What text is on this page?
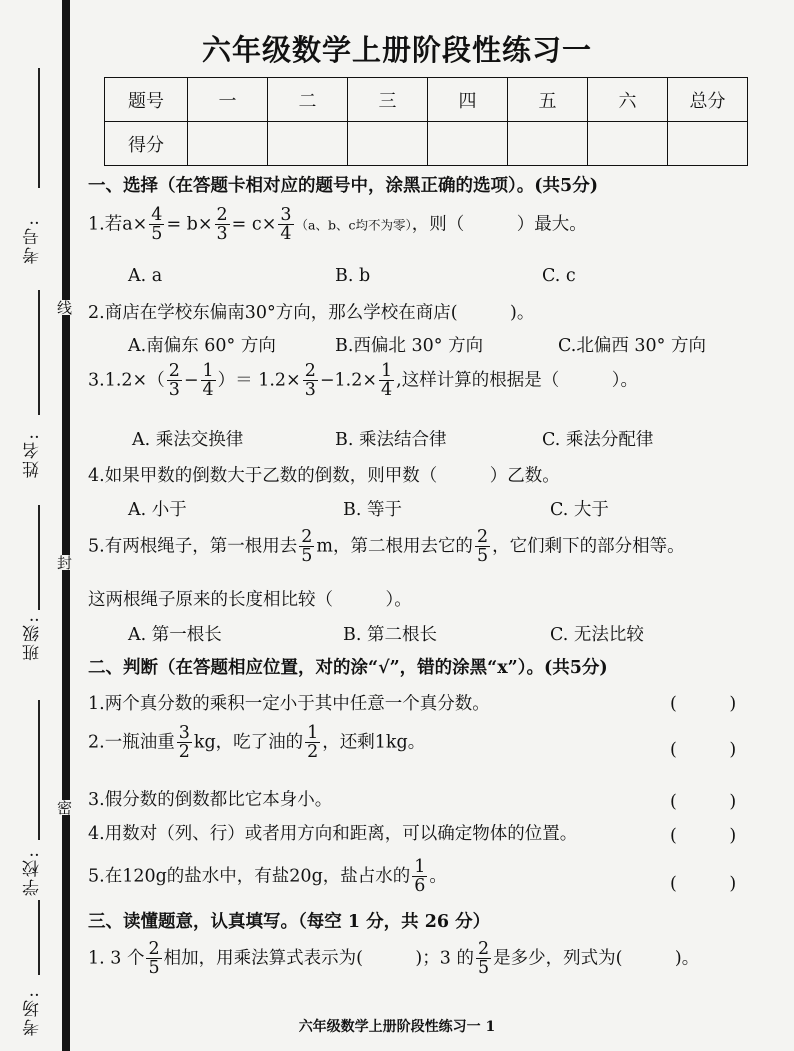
考号:
姓名:
班级:
学校:
考场:
线
封
密
六年级数学上册阶段性练习一
题号	一	二	三	四	五	六	总分
得分							
一、选择（在答题卡相对应的题号中，涂黑正确的选项）。(共5分)
1.若$a\times \frac{4}{5} = b\times \frac{2}{3} = c\times \frac{3}{4} (a$、b、c均不为零），则（　　　）最大。
A. a	B. b	C. c
2.商店在学校东偏南30°方向，那么学校在商店(　　　)。
A.南偏东 60° 方向	B.西偏北 30° 方向	C.北偏西 30° 方向
$3.1.2\times( \frac{2}{3} - \frac{1}{4}$ ）＝ $1.2\times \frac{2}{3} -1.2\times \frac{1}{4}$ ,这样计算的根据是（　　　）。
A. 乘法交换律	B. 乘法结合律	C. 乘法分配律
4.如果甲数的倒数大于乙数的倒数，则甲数（　　　）乙数。
A. 小于	B. 等于	C. 大于
5.有两根绳子，第一根用去 $\frac{2}{5}$ m，第二根用去它的 $\frac{2}{5}$ ，它们剩下的部分相等。
这两根绳子原来的长度相比较（　　　）。
A. 第一根长	B. 第二根长	C. 无法比较
二、判断（在答题相应位置，对的涂“√”，错的涂黑“x”）。(共5分)
1.两个真分数的乘积一定小于其中任意一个真分数。	(　　　)
2.一瓶油重 $\frac{3}{2}$ kg，吃了油的 $\frac{1}{2}$ ，还剩1kg。	(　　　)
3.假分数的倒数都比它本身小。	(　　　)
4.用数对（列、行）或者用方向和距离，可以确定物体的位置。	(　　　)
5.在120g的盐水中，有盐20g，盐占水的 $\frac{1}{6}$ 。	(　　　)
三、读懂题意，认真填写。（每空 1 分，共 26 分）
1. 3 个 $\frac{2}{5}$ 相加，用乘法算式表示为(　　　)；3 的 $\frac{2}{5}$ 是多少，列式为(　　　)。
六年级数学上册阶段性练习一 1
